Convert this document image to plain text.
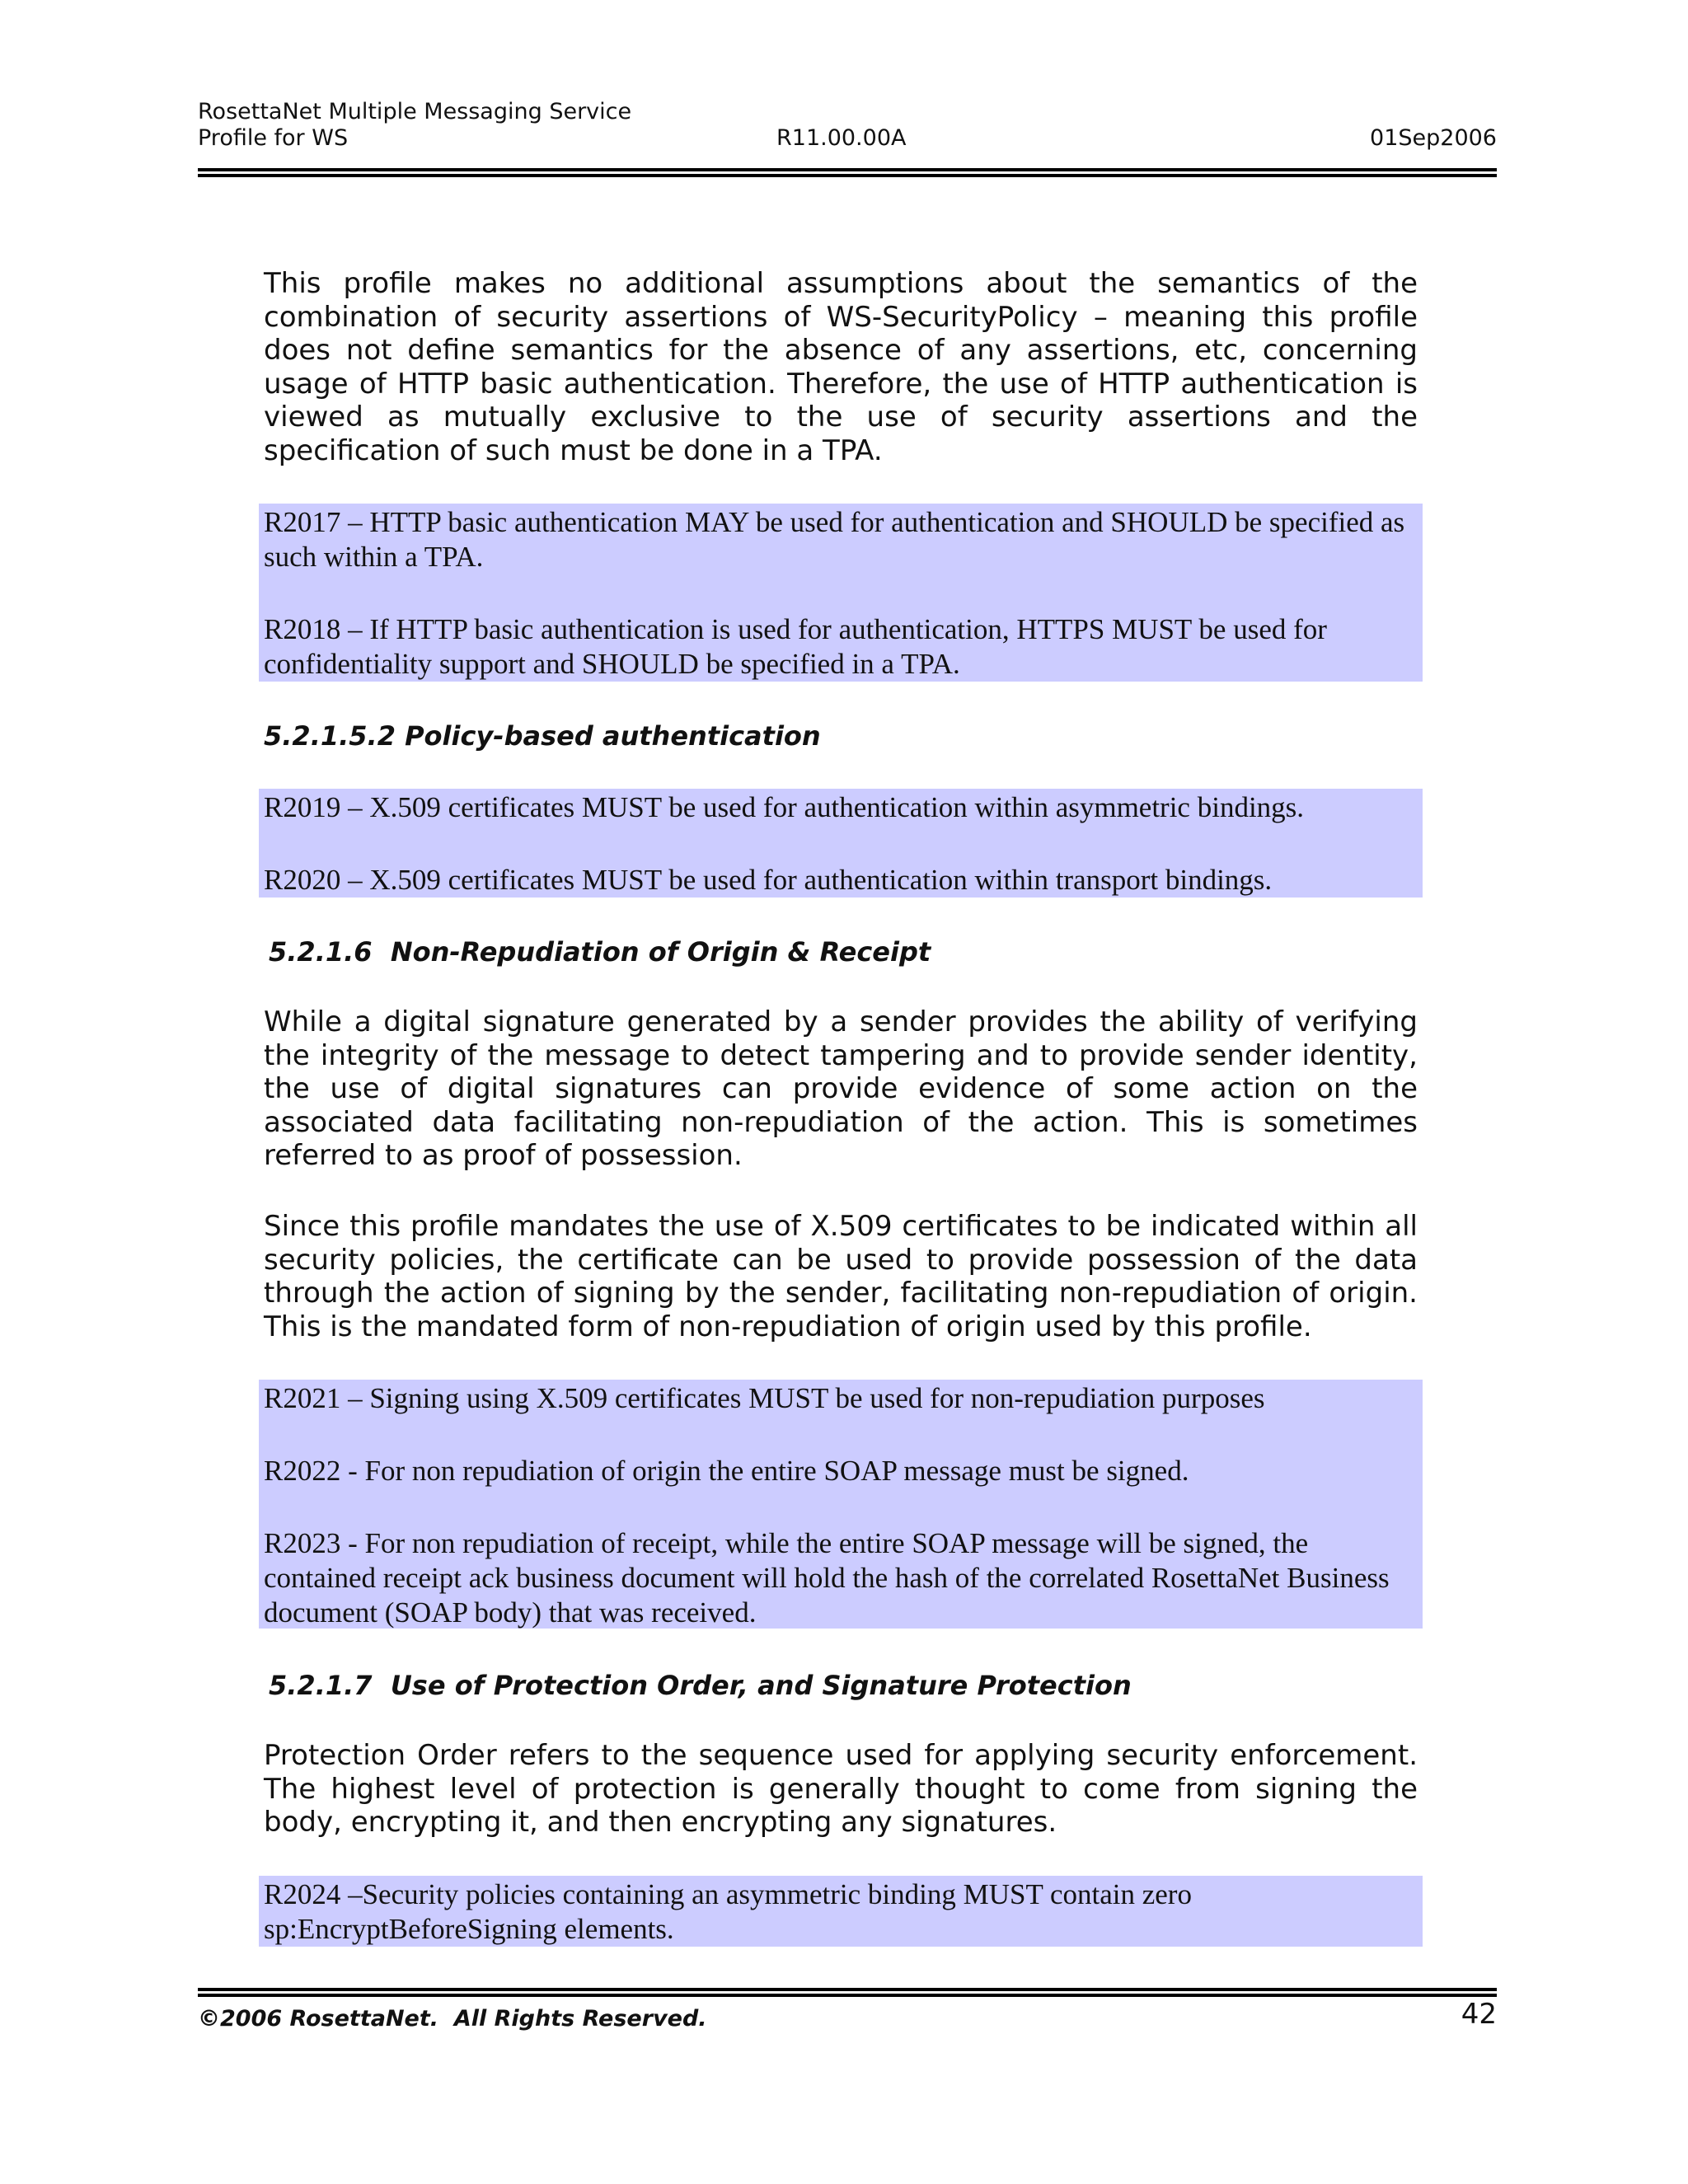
RosettaNet Multiple Messaging Service
Profile for WS	R11.00.00A	01Sep2006
This profile makes no additional assumptions about the semantics of the combination of security assertions of WS-SecurityPolicy – meaning this profile does not define semantics for the absence of any assertions, etc, concerning usage of HTTP basic authentication. Therefore, the use of HTTP authentication is viewed as mutually exclusive to the use of security assertions and the specification of such must be done in a TPA.

R2017 – HTTP basic authentication MAY be used for authentication and SHOULD be specified as such within a TPA.

R2018 – If HTTP basic authentication is used for authentication, HTTPS MUST be used for confidentiality support and SHOULD be specified in a TPA.

5.2.1.5.2 Policy-based authentication

R2019 – X.509 certificates MUST be used for authentication within asymmetric bindings.

R2020 – X.509 certificates MUST be used for authentication within transport bindings.

5.2.1.6  Non-Repudiation of Origin & Receipt
While a digital signature generated by a sender provides the ability of verifying the integrity of the message to detect tampering and to provide sender identity, the use of digital signatures can provide evidence of some action on the associated data facilitating non-repudiation of the action. This is sometimes referred to as proof of possession.
Since this profile mandates the use of X.509 certificates to be indicated within all security policies, the certificate can be used to provide possession of the data through the action of signing by the sender, facilitating non-repudiation of origin. This is the mandated form of non-repudiation of origin used by this profile.

R2021 – Signing using X.509 certificates MUST be used for non-repudiation purposes

R2022 - For non repudiation of origin the entire SOAP message must be signed.

R2023 - For non repudiation of receipt, while the entire SOAP message will be signed, the contained receipt ack business document will hold the hash of the correlated RosettaNet Business document (SOAP body) that was received.

5.2.1.7  Use of Protection Order, and Signature Protection
Protection Order refers to the sequence used for applying security enforcement. The highest level of protection is generally thought to come from signing the body, encrypting it, and then encrypting any signatures.

R2024 –Security policies containing an asymmetric binding MUST contain zero sp:EncryptBeforeSigning elements.

©2006 RosettaNet.  All Rights Reserved.	42
